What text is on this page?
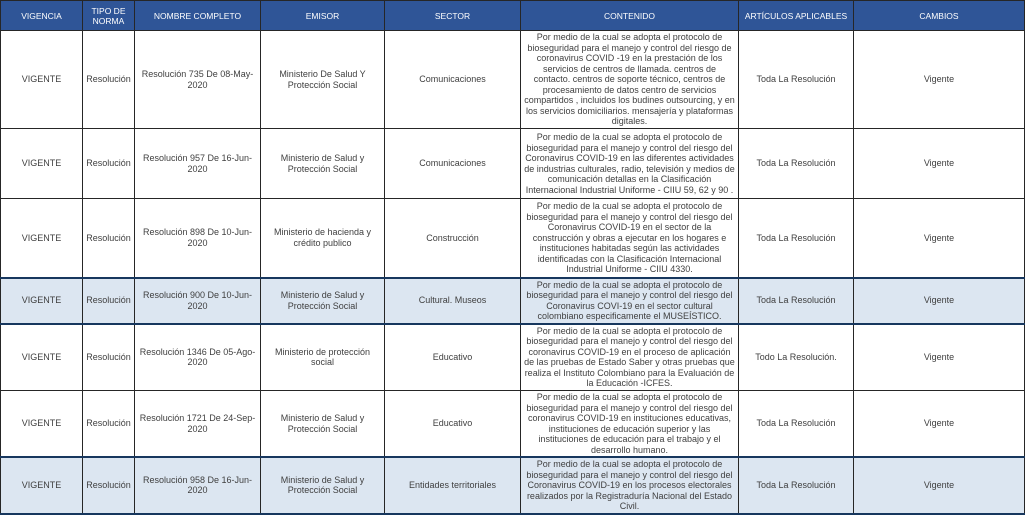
VIGENCIA	TIPO DE NORMA	NOMBRE COMPLETO	EMISOR	SECTOR	CONTENIDO	ARTÍCULOS APLICABLES	CAMBIOS
VIGENTE	Resolución	Resolución 735 De 08-May-2020	Ministerio De Salud Y Protección Social	Comunicaciones	Por medio de la cual se adopta el protocolo de bioseguridad para el manejo y control del riesgo de coronavirus COVID -19 en la prestación de los servicios de centros de llamada. centros de contacto. centros de soporte técnico, centros de procesamiento de datos centro de servicios compartidos , incluidos los budines outsourcing, y en los servicios domiciliarios. mensajería y plataformas digitales.	Toda La Resolución	Vigente
VIGENTE	Resolución	Resolución 957 De 16-Jun-2020	Ministerio de Salud y Protección Social	Comunicaciones	Por medio de la cual se adopta el protocolo de bioseguridad para el manejo y control del riesgo del Coronavirus COVID-19 en las diferentes actividades de industrias culturales, radio, televisión y medios de comunicación detallas en la Clasificación Internacional Industrial Uniforme - CIIU 59, 62 y 90 .	Toda La Resolución	Vigente
VIGENTE	Resolución	Resolución 898 De 10-Jun-2020	Ministerio de hacienda y crédito publico	Construcción	Por medio de la cual se adopta el protocolo de bioseguridad para el manejo y control del riesgo del Coronavirus COVID-19 en el sector de la construcción y obras a ejecutar en los hogares e instituciones habitadas según las actividades identificadas con la Clasificación Internacional Industrial Uniforme - CIIU 4330.	Toda La Resolución	Vigente
VIGENTE	Resolución	Resolución 900 De 10-Jun-2020	Ministerio de Salud y Protección Social	Cultural. Museos	Por medio de la cual se adopta el protocolo de bioseguridad para el manejo y control del riesgo del Coronavirus COVI-19 en el sector cultural colombiano especificamente el MUSEÍSTICO.	Toda La Resolución	Vigente
VIGENTE	Resolución	Resolución 1346 De 05-Ago-2020	Ministerio de protección social	Educativo	Por medio de la cual se adopta el protocolo de bioseguridad para el manejo y control del riesgo del coronavirus COVID-19 en el proceso de aplicación de las pruebas de Estado Saber y otras pruebas que realiza el Instituto Colombiano para la Evaluación de la Educación -ICFES.	Todo La Resolución.	Vigente
VIGENTE	Resolución	Resolución 1721 De 24-Sep-2020	Ministerio de Salud y Protección Social	Educativo	Por medio de la cual se adopta el protocolo de bioseguridad para el manejo y control del riesgo del coronavirus COVID-19 en instituciones educativas, instituciones de educación superior y las instituciones de educación para el trabajo y el desarrollo humano.	Toda La Resolución	Vigente
VIGENTE	Resolución	Resolución 958 De 16-Jun-2020	Ministerio de Salud y Protección Social	Entidades territoriales	Por medio de la cual se adopta el protocolo de bioseguridad para el manejo y control del riesgo del Coronavirus COVID-19 en los procesos electorales realizados por la Registraduría Nacional del Estado Civil.	Toda La Resolución	Vigente
